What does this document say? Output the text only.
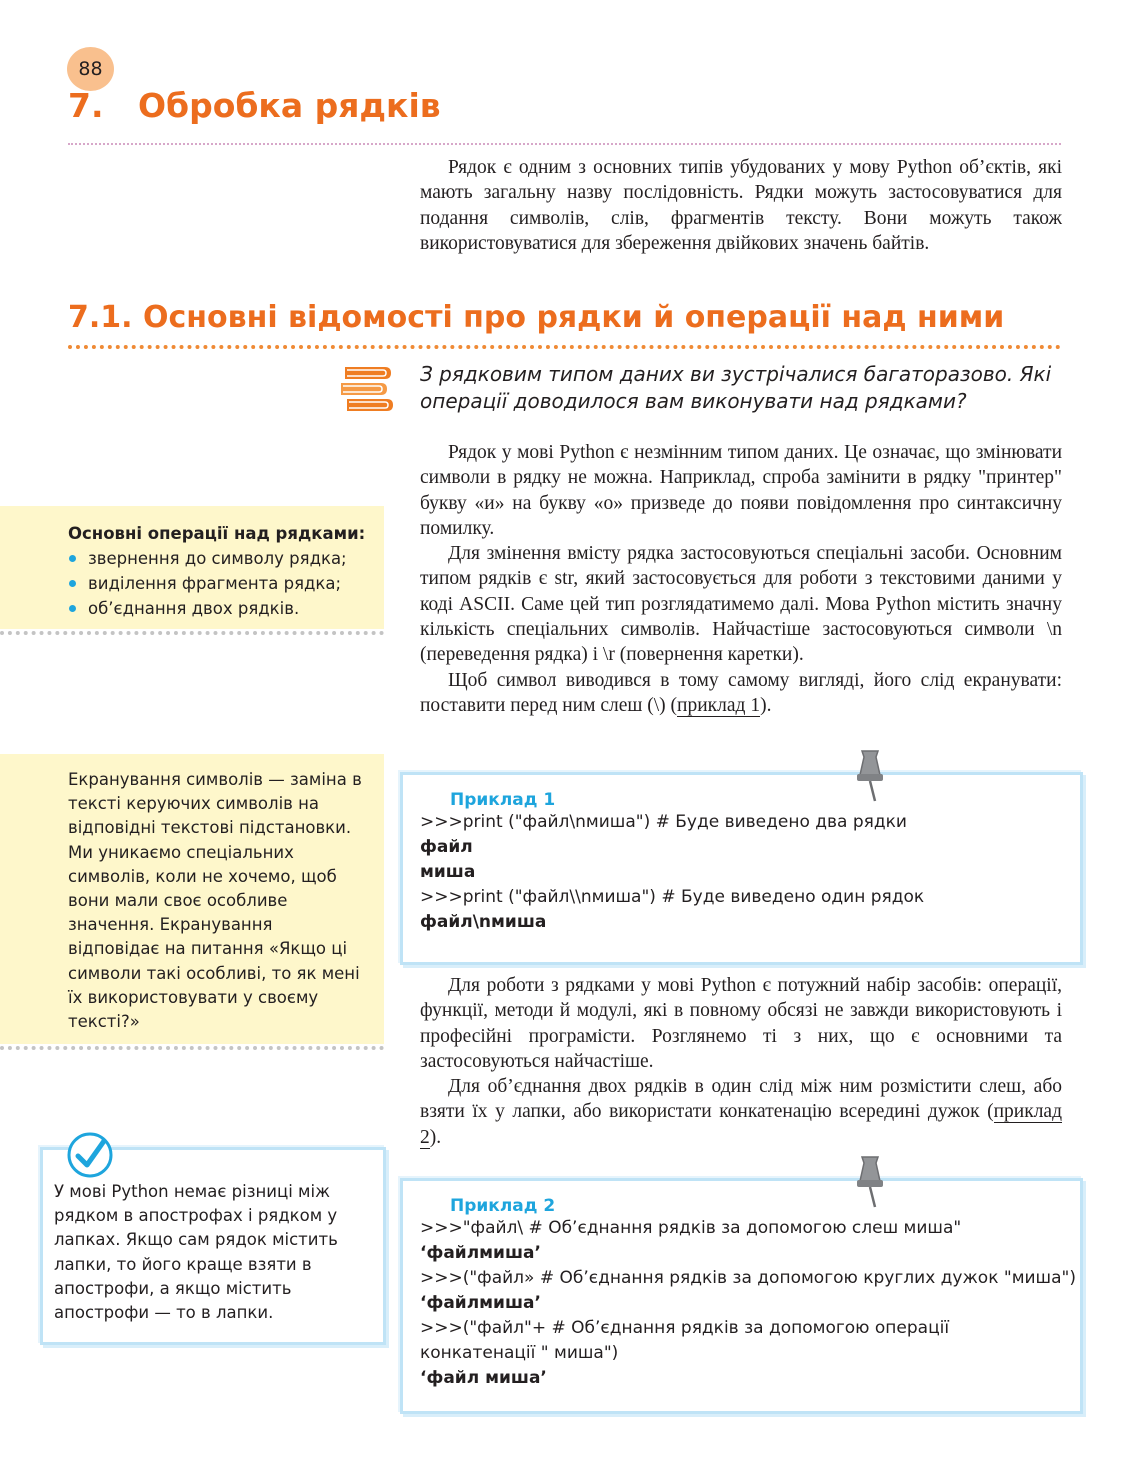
88
7. Обробка рядків

Рядок є одним з основних типів убудованих у мову Python об’єктів, які мають загальну назву послідовність. Рядки можуть застосовуватися для подання символів, слів, фрагментів тексту. Вони можуть також використовуватися для збереження двійкових значень байтів.

7.1. Основні відомості про рядки й операції над ними

З рядковим типом даних ви зустрічалися багаторазово. Які операції доводилося вам виконувати над рядками?

Рядок у мові Python є незмінним типом даних. Це означає, що змінювати символи в рядку не можна. Наприклад, спроба замінити в рядку "принтер" букву «и» на букву «о» призведе до появи повідомлення про синтаксичну помилку.

Для змінення вмісту рядка застосовуються спеціальні засоби. Основним типом рядків є str, який застосовується для роботи з текстовими даними у коді ASCII. Саме цей тип розглядатимемо далі. Мова Python містить значну кількість спеціальних символів. Найчастіше застосовуються символи \n (переведення рядка) і \r (повернення каретки).

Щоб символ виводився в тому самому вигляді, його слід екранувати: поставити перед ним слеш (\) (приклад 1).

Основні операції над рядками:

звернення до символу рядка;
виділення фрагмента рядка;
об’єднання двох рядків.

Екранування символів — заміна в тексті керуючих символів на відповідні текстові підстановки. Ми уникаємо спеціальних символів, коли не хочемо, щоб вони мали своє особливе значення. Екранування відповідає на питання «Якщо ці символи такі особливі, то як мені їх використовувати у своєму тексті?»

Приклад 1

>>>print ("файл\nмиша") # Буде виведено два рядки

файл

миша

>>>print ("файл\\nмиша") # Буде виведено один рядок

файл\nмиша

Для роботи з рядками у мові Python є потужний набір засобів: операції, функції, методи й модулі, які в повному обсязі не завжди використовують і професійні програмісти. Розглянемо ті з них, що є основними та застосовуються найчастіше.

Для об’єднання двох рядків в один слід між ним розмістити слеш, або взяти їх у лапки, або використати конкатенацію всередині дужок (приклад 2).

У мові Python немає різниці між рядком в апострофах і рядком у лапках. Якщо сам рядок містить лапки, то його краще взяти в апострофи, а якщо містить апострофи — то в лапки.

Приклад 2

>>>"файл\ # Об’єднання рядків за допомогою слеш миша"

‘файлмиша’

>>>("файл» # Об’єднання рядків за допомогою круглих дужок "миша")

‘файлмиша’

>>>("файл"+ # Об’єднання рядків за допомогою операції

конкатенації " миша")

‘файл миша’
